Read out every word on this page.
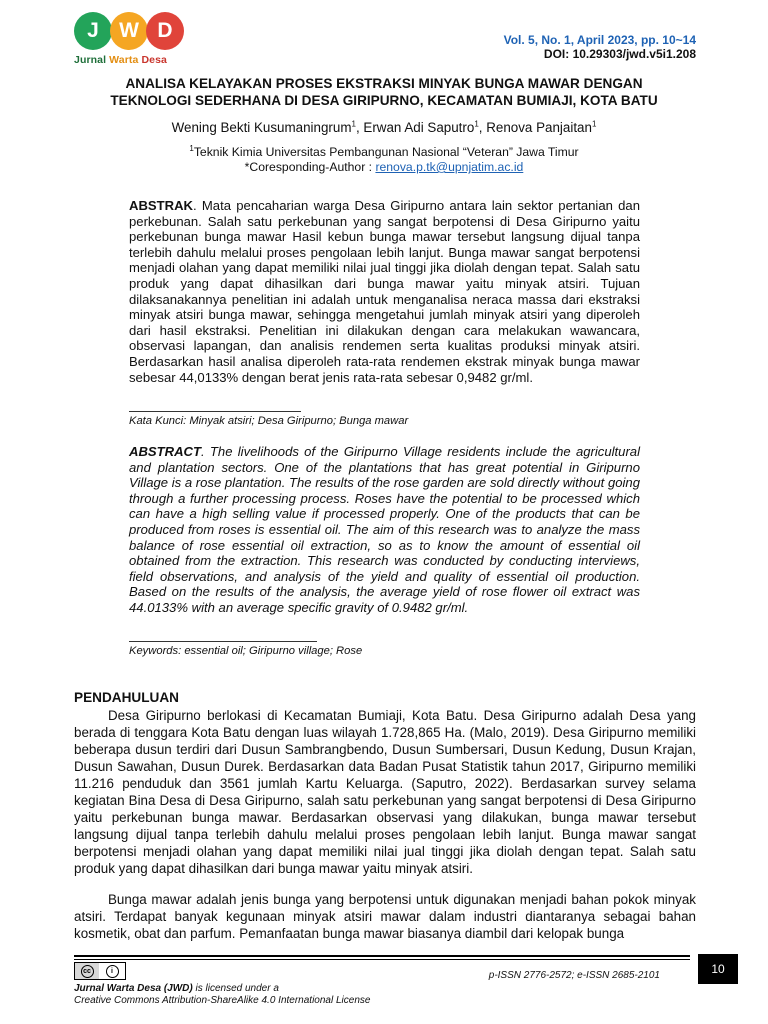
J W D
Jurnal Warta Desa
Vol. 5, No. 1, April 2023, pp. 10~14
DOI: 10.29303/jwd.v5i1.208
ANALISA KELAYAKAN PROSES EKSTRAKSI MINYAK BUNGA MAWAR DENGAN
TEKNOLOGI SEDERHANA DI DESA GIRIPURNO, KECAMATAN BUMIAJI, KOTA BATU
Wening Bekti Kusumaningrum$^1$, Erwan Adi Saputro$^1$, Renova Panjaitan$^1$
$^1$Teknik Kimia Universitas Pembangunan Nasional “Veteran” Jawa Timur
*Coresponding-Author : renova.p.tk@upnjatim.ac.id
ABSTRAK. Mata pencaharian warga Desa Giripurno antara lain sektor pertanian dan perkebunan. Salah satu perkebunan yang sangat berpotensi di Desa Giripurno yaitu perkebunan bunga mawar Hasil kebun bunga mawar tersebut langsung dijual tanpa terlebih dahulu melalui proses pengolaan lebih lanjut. Bunga mawar sangat berpotensi menjadi olahan yang dapat memiliki nilai jual tinggi jika diolah dengan tepat. Salah satu produk yang dapat dihasilkan dari bunga mawar yaitu minyak atsiri. Tujuan dilaksanakannya penelitian ini adalah untuk menganalisa neraca massa dari ekstraksi minyak atsiri bunga mawar, sehingga mengetahui jumlah minyak atsiri yang diperoleh dari hasil ekstraksi. Penelitian ini dilakukan dengan cara melakukan wawancara, observasi lapangan, dan analisis rendemen serta kualitas produksi minyak atsiri. Berdasarkan hasil analisa diperoleh rata-rata rendemen ekstrak minyak bunga mawar sebesar 44,0133% dengan berat jenis rata-rata sebesar 0,9482 gr/ml.
Kata Kunci: Minyak atsiri; Desa Giripurno; Bunga mawar
ABSTRACT. The livelihoods of the Giripurno Village residents include the agricultural and plantation sectors. One of the plantations that has great potential in Giripurno Village is a rose plantation. The results of the rose garden are sold directly without going through a further processing process. Roses have the potential to be processed which can have a high selling value if processed properly. One of the products that can be produced from roses is essential oil. The aim of this research was to analyze the mass balance of rose essential oil extraction, so as to know the amount of essential oil obtained from the extraction. This research was conducted by conducting interviews, field observations, and analysis of the yield and quality of essential oil production. Based on the results of the analysis, the average yield of rose flower oil extract was 44.0133% with an average specific gravity of 0.9482 gr/ml.
Keywords: essential oil; Giripurno village; Rose
PENDAHULUAN

Desa Giripurno berlokasi di Kecamatan Bumiaji, Kota Batu. Desa Giripurno adalah Desa yang berada di tenggara Kota Batu dengan luas wilayah 1.728,865 Ha. (Malo, 2019). Desa Giripurno memiliki beberapa dusun terdiri dari Dusun Sambrangbendo, Dusun Sumbersari, Dusun Kedung, Dusun Krajan, Dusun Sawahan, Dusun Durek. Berdasarkan data Badan Pusat Statistik tahun 2017, Giripurno memiliki 11.216 penduduk dan 3561 jumlah Kartu Keluarga. (Saputro, 2022). Berdasarkan survey selama kegiatan Bina Desa di Desa Giripurno, salah satu perkebunan yang sangat berpotensi di Desa Giripurno yaitu perkebunan bunga mawar. Berdasarkan observasi yang dilakukan, bunga mawar tersebut langsung dijual tanpa terlebih dahulu melalui proses pengolaan lebih lanjut. Bunga mawar sangat berpotensi menjadi olahan yang dapat memiliki nilai jual tinggi jika diolah dengan tepat. Salah satu produk yang dapat dihasilkan dari bunga mawar yaitu minyak atsiri.

Bunga mawar adalah jenis bunga yang berpotensi untuk digunakan menjadi bahan pokok minyak atsiri. Terdapat banyak kegunaan minyak atsiri mawar dalam industri diantaranya sebagai bahan kosmetik, obat dan parfum. Pemanfaatan bunga mawar biasanya diambil dari kelopak bunga

cc	i	p-ISSN 2776-2572; e-ISSN 2685-2101	10
Jurnal Warta Desa (JWD) is licensed under a
Creative Commons Attribution-ShareAlike 4.0 International License
